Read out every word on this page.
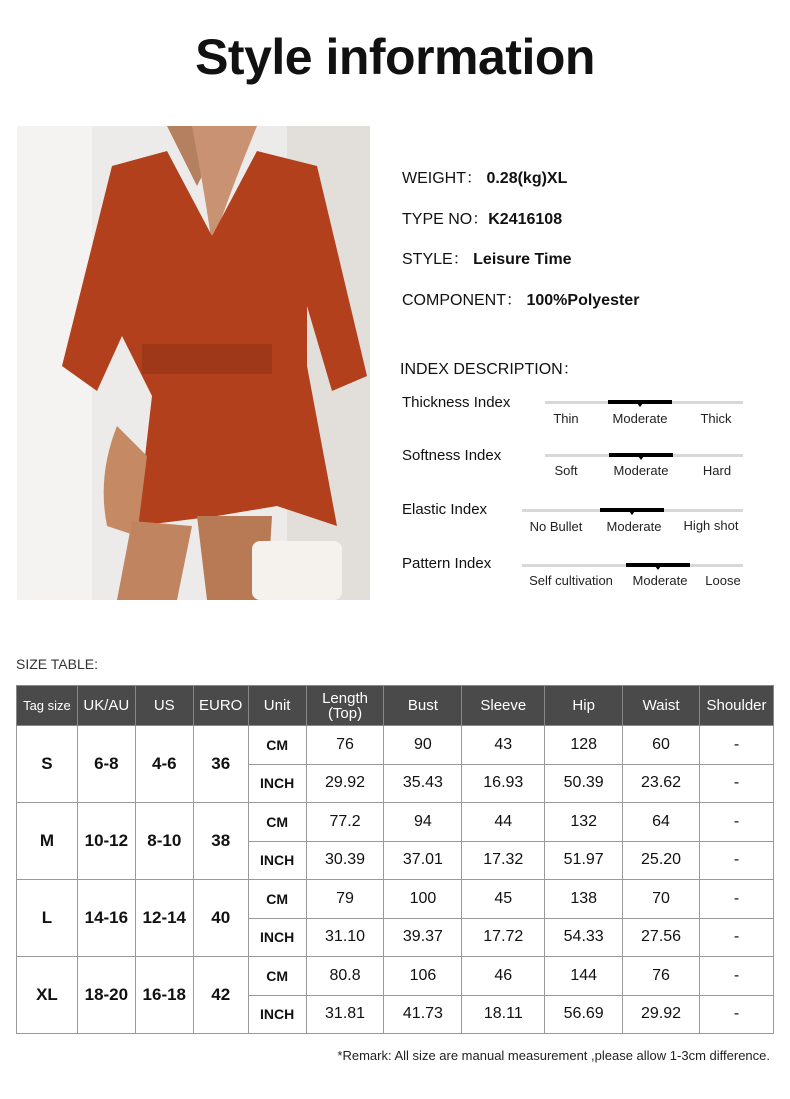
Style information
WEIGHT： 0.28(kg)XL
TYPE NO：K2416108
STYLE： Leisure Time
COMPONENT： 100%Polyester
INDEX DESCRIPTION：
Thickness Index
Thin	Moderate	Thick
Softness Index
Soft	Moderate	Hard
Elastic Index
No Bullet Moderate High shot
Pattern Index
Self cultivation Moderate Loose
SIZE TABLE:
Tag size	UK/AU	US	EURO	Unit	Length (Top)	Bust	Sleeve	Hip	Waist	Shoulder
S	6-8	4-6	36	CM	76	90	43	128	60	-
				INCH	29.92	35.43	16.93	50.39	23.62	-
M	10-12	8-10	38	CM	77.2	94	44	132	64	-
				INCH	30.39	37.01	17.32	51.97	25.20	-
L	14-16	12-14	40	CM	79	100	45	138	70	-
				INCH	31.10	39.37	17.72	54.33	27.56	-
XL	18-20	16-18	42	CM	80.8	106	46	144	76	-
				INCH	31.81	41.73	18.11	56.69	29.92	-
*Remark: All size are manual measurement ,please allow 1-3cm difference.
